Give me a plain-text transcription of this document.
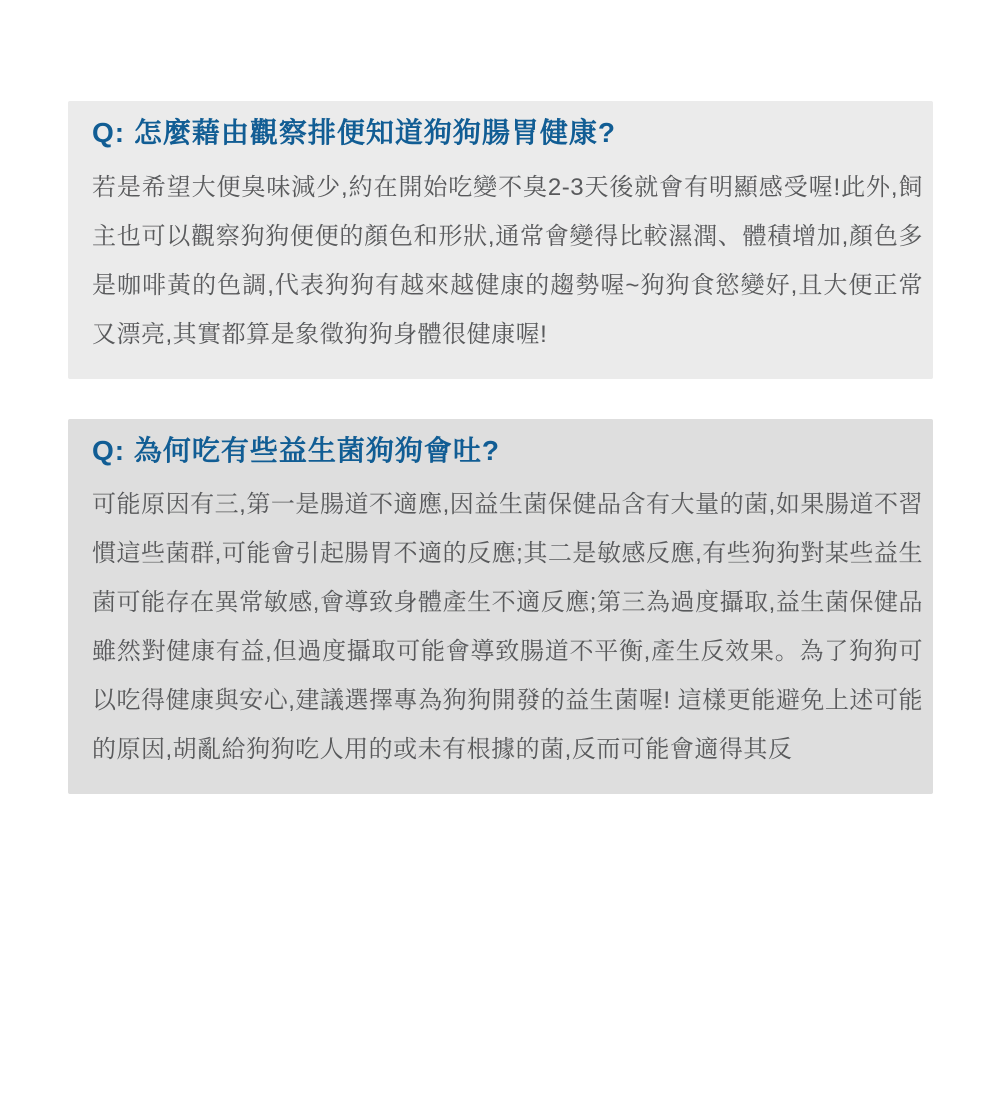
Q: 怎麼藉由觀察排便知道狗狗腸胃健康?

若是希望大便臭味減少,約在開始吃變不臭2-3天後就會有明顯感受喔!此外,飼主也可以觀察狗狗便便的顏色和形狀,通常會變得比較濕潤、體積增加,顏色多是咖啡黃的色調,代表狗狗有越來越健康的趨勢喔~狗狗食慾變好,且大便正常又漂亮,其實都算是象徵狗狗身體很健康喔!

Q: 為何吃有些益生菌狗狗會吐?

可能原因有三,第一是腸道不適應,因益生菌保健品含有大量的菌,如果腸道不習慣這些菌群,可能會引起腸胃不適的反應;其二是敏感反應,有些狗狗對某些益生菌可能存在異常敏感,會導致身體產生不適反應;第三為過度攝取,益生菌保健品雖然對健康有益,但過度攝取可能會導致腸道不平衡,產生反效果。為了狗狗可以吃得健康與安心,建議選擇專為狗狗開發的益生菌喔! 這樣更能避免上述可能的原因,胡亂給狗狗吃人用的或未有根據的菌,反而可能會適得其反
